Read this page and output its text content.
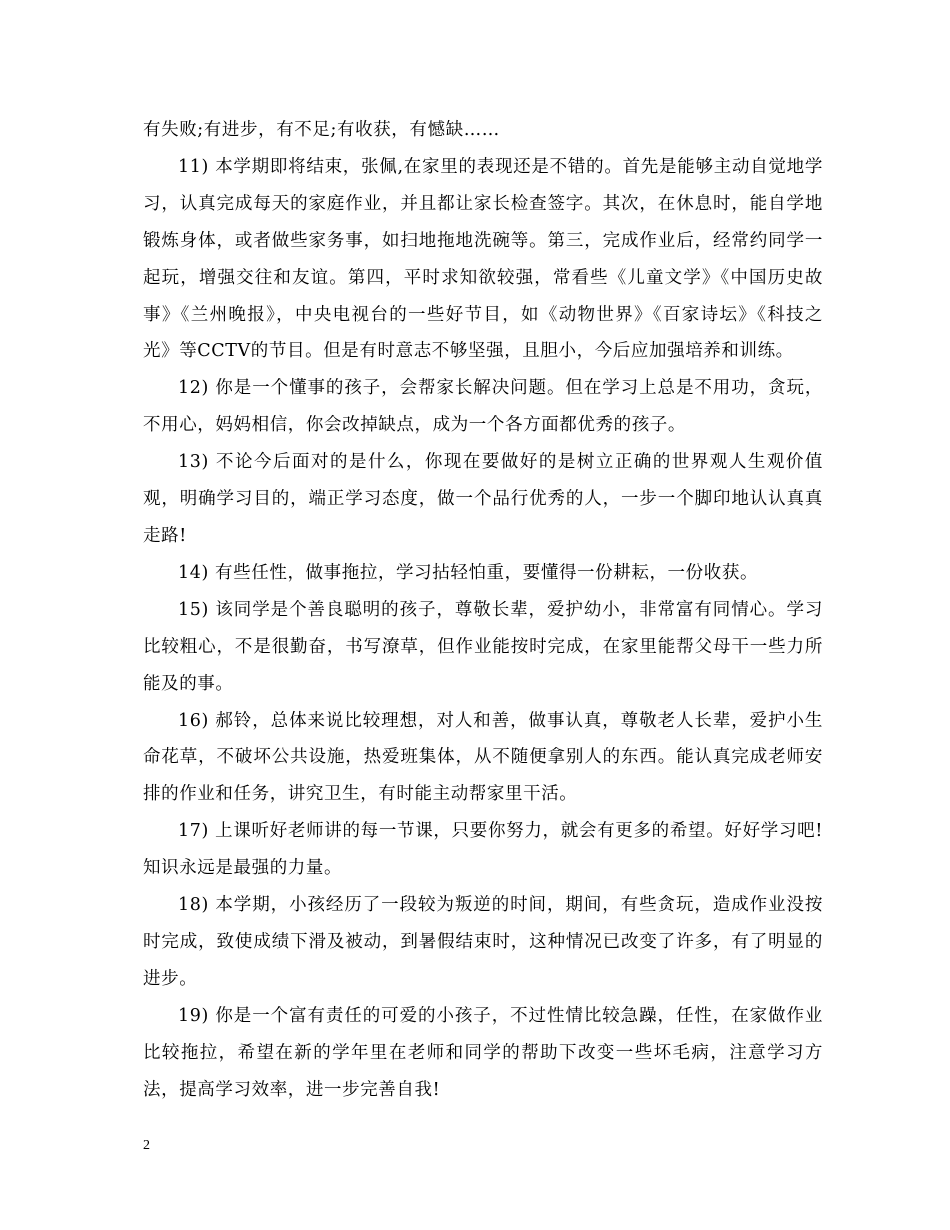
有失败;有进步，有不足;有收获，有憾缺……

11) 本学期即将结束，张佩,在家里的表现还是不错的。首先是能够主动自觉地学习，认真完成每天的家庭作业，并且都让家长检查签字。其次，在休息时，能自学地锻炼身体，或者做些家务事，如扫地拖地洗碗等。第三，完成作业后，经常约同学一起玩，增强交往和友谊。第四，平时求知欲较强，常看些《儿童文学》《中国历史故事》《兰州晚报》，中央电视台的一些好节目，如《动物世界》《百家诗坛》《科技之光》等CCTV的节目。但是有时意志不够坚强，且胆小，今后应加强培养和训练。

12) 你是一个懂事的孩子，会帮家长解决问题。但在学习上总是不用功，贪玩，不用心，妈妈相信，你会改掉缺点，成为一个各方面都优秀的孩子。

13) 不论今后面对的是什么，你现在要做好的是树立正确的世界观人生观价值观，明确学习目的，端正学习态度，做一个品行优秀的人，一步一个脚印地认认真真走路!

14) 有些任性，做事拖拉，学习拈轻怕重，要懂得一份耕耘，一份收获。

15) 该同学是个善良聪明的孩子，尊敬长辈，爱护幼小，非常富有同情心。学习比较粗心，不是很勤奋，书写潦草，但作业能按时完成，在家里能帮父母干一些力所能及的事。

16) 郝铃，总体来说比较理想，对人和善，做事认真，尊敬老人长辈，爱护小生命花草，不破坏公共设施，热爱班集体，从不随便拿别人的东西。能认真完成老师安排的作业和任务，讲究卫生，有时能主动帮家里干活。

17) 上课听好老师讲的每一节课，只要你努力，就会有更多的希望。好好学习吧!知识永远是最强的力量。

18) 本学期，小孩经历了一段较为叛逆的时间，期间，有些贪玩，造成作业没按时完成，致使成绩下滑及被动，到暑假结束时，这种情况已改变了许多，有了明显的进步。

19) 你是一个富有责任的可爱的小孩子，不过性情比较急躁，任性，在家做作业比较拖拉，希望在新的学年里在老师和同学的帮助下改变一些坏毛病，注意学习方法，提高学习效率，进一步完善自我!

2
